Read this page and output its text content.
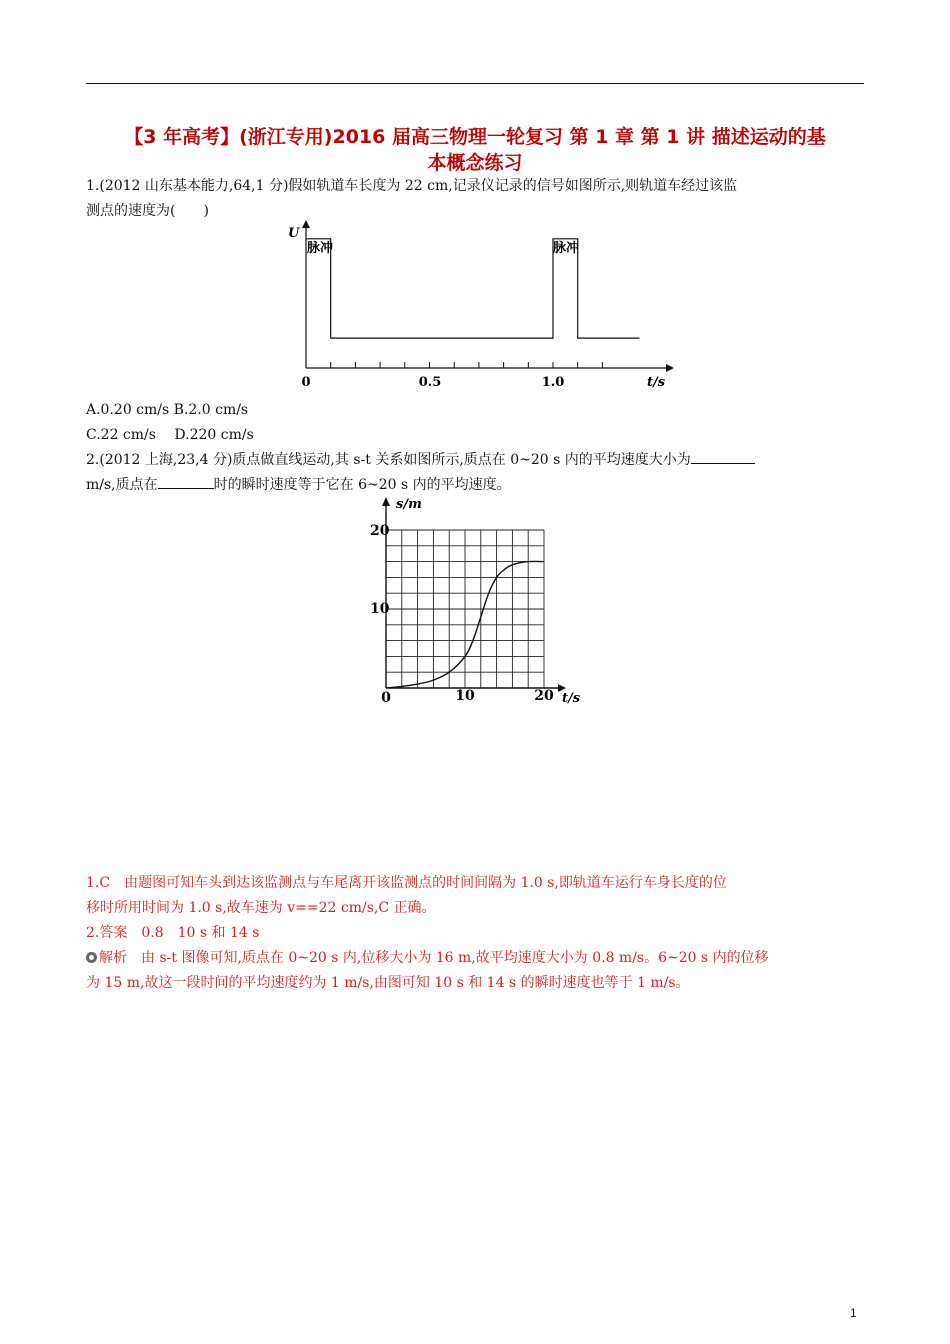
【3 年高考】(浙江专用)2016 届高三物理一轮复习 第 1 章 第 1 讲 描述运动的基
本概念练习
1.(2012 山东基本能力,64,1 分)假如轨道车长度为 22 cm,记录仪记录的信号如图所示,则轨道车经过该监
测点的速度为(　　)
U
t/s
脉冲	脉冲
0	0.5	1.0
A.0.20 cm/s B.2.0 cm/s
C.22 cm/s　 D.220 cm/s
2.(2012 上海,23,4 分)质点做直线运动,其 s-t 关系如图所示,质点在 0~20 s 内的平均速度大小为
m/s,质点在	时的瞬时速度等于它在 6~20 s 内的平均速度。
s/m
t/s
20
10
0	10	20
1.C　由题图可知车头到达该监测点与车尾离开该监测点的时间间隔为 1.0 s,即轨道车运行车身长度的位
移时所用时间为 1.0 s,故车速为 v==22 cm/s,C 正确。
2.答案　0.8　10 s 和 14 s
解析　由 s-t 图像可知,质点在 0~20 s 内,位移大小为 16 m,故平均速度大小为 0.8 m/s。6~20 s 内的位移
为 15 m,故这一段时间的平均速度约为 1 m/s,由图可知 10 s 和 14 s 的瞬时速度也等于 1 m/s。
1
